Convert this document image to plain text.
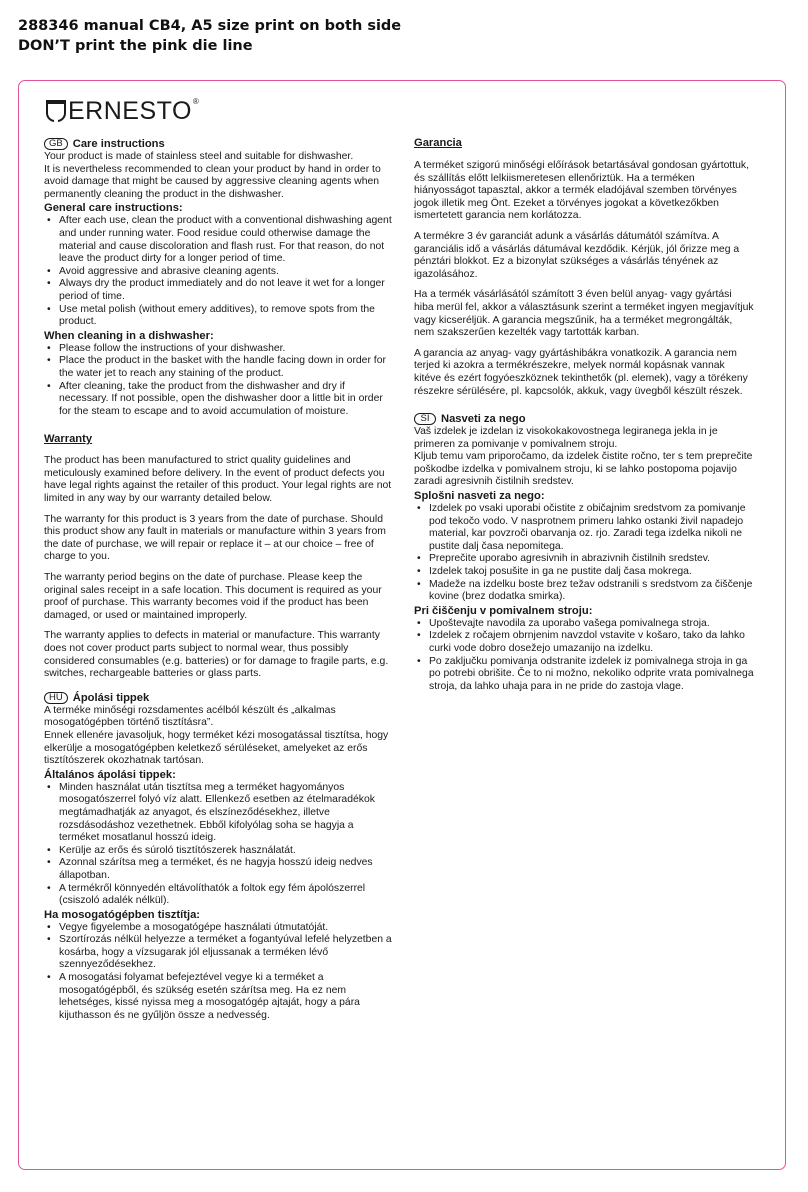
288346 manual CB4, A5 size print on both side
DON’T print the pink die line
ERNESTO®
GB Care instructions

Your product is made of stainless steel and suitable for dishwasher.

It is nevertheless recommended to clean your product by hand in order to avoid damage that might be caused by aggressive cleaning agents when permanently cleaning the product in the dishwasher.

General care instructions:
• After each use, clean the product with a conventional dishwashing agent and under running water. Food residue could otherwise damage the material and cause discoloration and flash rust. For that reason, do not leave the product dirty for a longer period of time.
• Avoid aggressive and abrasive cleaning agents.
• Always dry the product immediately and do not leave it wet for a longer period of time.
• Use metal polish (without emery additives), to remove spots from the product.
When cleaning in a dishwasher:
• Please follow the instructions of your dishwasher.
• Place the product in the basket with the handle facing down in order for the water jet to reach any staining of the product.
• After cleaning, take the product from the dishwasher and dry if necessary. If not possible, open the dishwasher door a little bit in order for the steam to escape and to avoid accumulation of moisture.
Warranty

The product has been manufactured to strict quality guidelines and meticulously examined before delivery. In the event of product defects you have legal rights against the retailer of this product. Your legal rights are not limited in any way by our warranty detailed below.

The warranty for this product is 3 years from the date of purchase. Should this product show any fault in materials or manufacture within 3 years from the date of purchase, we will repair or replace it – at our choice – free of charge to you.

The warranty period begins on the date of purchase. Please keep the original sales receipt in a safe location. This document is required as your proof of purchase. This warranty becomes void if the product has been damaged, or used or maintained improperly.

The warranty applies to defects in material or manufacture. This warranty does not cover product parts subject to normal wear, thus possibly considered consumables (e.g. batteries) or for damage to fragile parts, e.g. switches, rechargeable batteries or glass parts.

HU Ápolási tippek

A terméke minőségi rozsdamentes acélból készült és „alkalmas mosogatógépben történő tisztításra”.

Ennek ellenére javasoljuk, hogy terméket kézi mosogatással tisztítsa, hogy elkerülje a mosogatógépben keletkező sérüléseket, amelyeket az erős tisztítószerek okozhatnak tartósan.

Általános ápolási tippek:
• Minden használat után tisztítsa meg a terméket hagyományos mosogatószerrel folyó víz alatt. Ellenkező esetben az ételmaradékok megtámadhatják az anyagot, és elszíneződésekhez, illetve rozsdásodáshoz vezethetnek. Ebből kifolyólag soha se hagyja a terméket mosatlanul hosszú ideig.
• Kerülje az erős és súroló tisztítószerek használatát.
• Azonnal szárítsa meg a terméket, és ne hagyja hosszú ideig nedves állapotban.
• A termékről könnyedén eltávolíthatók a foltok egy fém ápolószerrel (csiszoló adalék nélkül).
Ha mosogatógépben tisztítja:
• Vegye figyelembe a mosogatógépe használati útmutatóját.
• Szortírozás nélkül helyezze a terméket a fogantyúval lefelé helyzetben a kosárba, hogy a vízsugarak jól eljussanak a terméken lévő szennyeződésekhez.
• A mosogatási folyamat befejeztével vegye ki a terméket a mosogatógépből, és szükség esetén szárítsa meg. Ha ez nem lehetséges, kissé nyissa meg a mosogatógép ajtaját, hogy a pára kijuthasson és ne gyűljön össze a nedvesség.
Garancia

A terméket szigorú minőségi előírások betartásával gondosan gyártottuk, és szállítás előtt lelkiismeretesen ellenőriztük. Ha a terméken hiányosságot tapasztal, akkor a termék eladójával szemben törvényes jogok illetik meg Önt. Ezeket a törvényes jogokat a következőkben ismertetett garancia nem korlátozza.

A termékre 3 év garanciát adunk a vásárlás dátumától számítva. A garanciális idő a vásárlás dátumával kezdődik. Kérjük, jól őrizze meg a pénztári blokkot. Ez a bizonylat szükséges a vásárlás tényének az igazolásához.

Ha a termék vásárlásától számított 3 éven belül anyag- vagy gyártási hiba merül fel, akkor a választásunk szerint a terméket ingyen megjavítjuk vagy kicseréljük. A garancia megszűnik, ha a terméket megrongálták, nem szakszerűen kezelték vagy tartották karban.

A garancia az anyag- vagy gyártáshibákra vonatkozik. A garancia nem terjed ki azokra a termékrészekre, melyek normál kopásnak vannak kitéve és ezért fogyóeszköznek tekinthetők (pl. elemek), vagy a törékeny részekre sérülésére, pl. kapcsolók, akkuk, vagy üvegből készült részek.

SI	Nasveti za nego

Vaš izdelek je izdelan iz visokokakovostnega legiranega jekla in je primeren za pomivanje v pomivalnem stroju.

Kljub temu vam priporočamo, da izdelek čistite ročno, ter s tem preprečite poškodbe izdelka v pomivalnem stroju, ki se lahko postopoma pojavijo zaradi agresivnih čistilnih sredstev.

Splošni nasveti za nego:
• Izdelek po vsaki uporabi očistite z običajnim sredstvom za pomivanje pod tekočo vodo. V nasprotnem primeru lahko ostanki živil napadejo material, kar povzroči obarvanja oz. rjo. Zaradi tega izdelka nikoli ne pustite dalj časa nepomitega.
• Preprečite uporabo agresivnih in abrazivnih čistilnih sredstev.
• Izdelek takoj posušite in ga ne pustite dalj časa mokrega.
• Madeže na izdelku boste brez težav odstranili s sredstvom za čiščenje kovine (brez dodatka smirka).
Pri čiščenju v pomivalnem stroju:
• Upoštevajte navodila za uporabo vašega pomivalnega stroja.
• Izdelek z ročajem obrnjenim navzdol vstavite v košaro, tako da lahko curki vode dobro dosežejo umazanijo na izdelku.
• Po zaključku pomivanja odstranite izdelek iz pomivalnega stroja in ga po potrebi obrišite. Če to ni možno, nekoliko odprite vrata pomivalnega stroja, da lahko uhaja para in ne pride do zastoja vlage.
